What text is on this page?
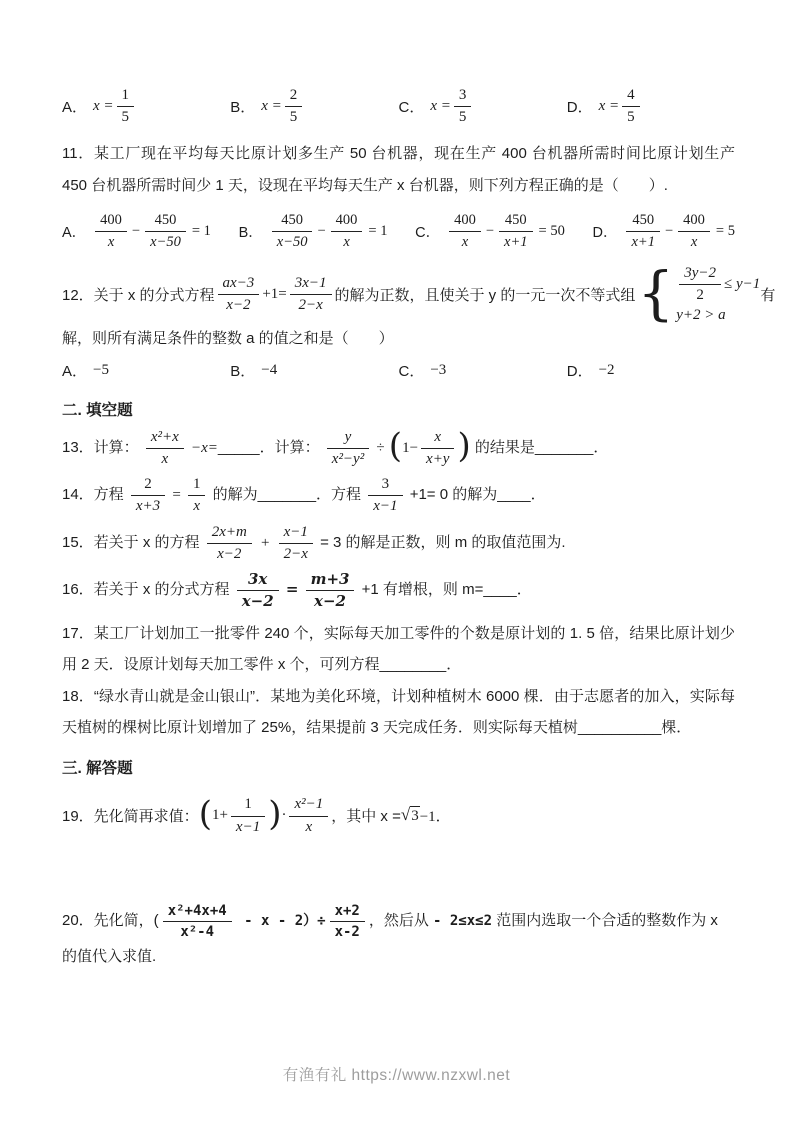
A． $x = \frac{1}{5}$	B． $x = \frac{2}{5}$	C． $x = \frac{3}{5}$	D． $x = \frac{4}{5}$

11．某工厂现在平均每天比原计划多生产 50 台机器，现在生产 400 台机器所需时间比原计划生产 450 台机器所需时间少 1 天，设现在平均每天生产 x 台机器，则下列方程正确的是（　　）.

A． $\frac{400}{x} - \frac{450}{x-50} = 1$ B． $\frac{450}{x-50} - \frac{400}{x} = 1$ C． $\frac{400}{x} - \frac{450}{x+1} = 50$ D． $\frac{450}{x+1} - \frac{400}{x} = 5$
12．关于 x 的分式方程 $\frac{ax-3}{x-2} +1= \frac{3x-1}{2-x}$ 的解为正数，且使关于 y 的一元一次不等式组 { $\frac{3y-2}{2} \le y-1$
y+2 > a
有

解，则所有满足条件的整数 a 的值之和是（　　）

A． −5	B． −4	C． −3	D． −2
二. 填空题
13．计算： $\frac{\text{x²+x}}{x}$ −x=_____．计算： $\frac{y}{\text{x²−y²}} \div (1- \frac{x}{x+y}$ ) 的结果是_______．
14．方程 $\frac{2}{x+3} = \frac{1}{x}$ 的解为_______．方程 $\frac{3}{x-1} +1= 0$ 的解为____．
15．若关于 x 的方程 $\frac{2x+m}{x-2} + \frac{x-1}{2-x} = 3$ 的解是正数，则 m 的取值范围为.
16．若关于 x 的分式方程 $\frac{3x}{x-2} = \frac{m+3}{x-2} +1$ 有增根，则 m=____．

17．某工厂计划加工一批零件 240 个，实际每天加工零件的个数是原计划的 1. 5 倍，结果比原计划少用 2 天．设原计划每天加工零件 x 个，可列方程________．

18．“绿水青山就是金山银山”．某地为美化环境，计划种植树木 6000 棵．由于志愿者的加入，实际每天植树的棵树比原计划增加了 25%，结果提前 3 天完成任务．则实际每天植树__________棵．

三. 解答题
19．先化简再求值： ( $1+ \frac{1}{x-1}$ ) · $\frac{\text{x²−1}}{x}$ ，其中 x = √ 3 −1．
20．先化简，( $\frac{\text{x²+4x+4}}{\text{x²-4}} - x - 2)\div \frac{x+2}{x-2}$ ，然后从 - 2≤x≤2 范围内选取一个合适的整数作为 x 的值代入求值.
有渔有礼 https://www.nzxwl.net
